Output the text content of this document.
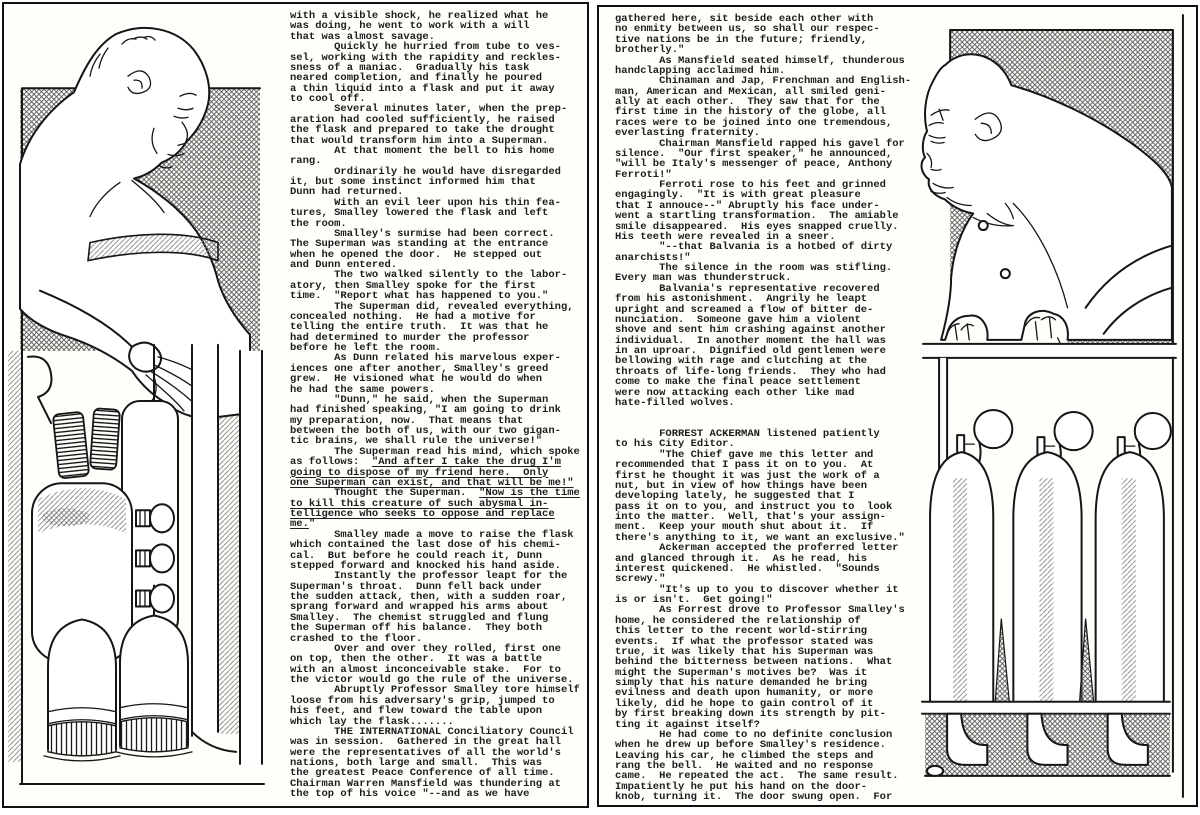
with a visible shock, he realized what he
was doing, he went to work with a will
that was almost savage.
Quickly he hurried from tube to ves-
sel, working with the rapidity and reckles-
sness of a maniac.  Gradually his task
neared completion, and finally he poured
a thin liquid into a flask and put it away
to cool off.
Several minutes later, when the prep-
aration had cooled sufficiently, he raised
the flask and prepared to take the drought
that would transform him into a Superman.
At that moment the bell to his home
rang.
Ordinarily he would have disregarded
it, but some instinct informed him that
Dunn had returned.
With an evil leer upon his thin fea-
tures, Smalley lowered the flask and left
the room.
Smalley's surmise had been correct.
The Superman was standing at the entrance
when he opened the door.  He stepped out
and Dunn entered.
The two walked silently to the labor-
atory, then Smalley spoke for the first
time.  "Report what has happened to you."
The Superman did, revealed everything,
concealed nothing.  He had a motive for
telling the entire truth.  It was that he
had determined to murder the professor
before he left the room.
As Dunn related his marvelous exper-
iences one after another, Smalley's greed
grew.  He visioned what he would do when
he had the same powers.
"Dunn," he said, when the Superman
had finished speaking, "I am going to drink
my preparation, now.  That means that
between the both of us, with our two gigan-
tic brains, we shall rule the universe!"
The Superman read his mind, which spoke
as follows:  "And after I take the drug I'm
going to dispose of my friend here.  Only
one Superman can exist, and that will be me!"
Thought the Superman.  "Now is the time
to kill this creature of such abysmal in-
telligence who seeks to oppose and replace
me."
Smalley made a move to raise the flask
which contained the last dose of his chemi-
cal.  But before he could reach it, Dunn
stepped forward and knocked his hand aside.
Instantly the professor leapt for the
Superman's throat.  Dunn fell back under
the sudden attack, then, with a sudden roar,
sprang forward and wrapped his arms about
Smalley.  The chemist struggled and flung
the Superman off his balance.  They both
crashed to the floor.
Over and over they rolled, first one
on top, then the other.  It was a battle
with an almost inconceivable stake.  For to
the victor would go the rule of the universe.
Abruptly Professor Smalley tore himself
loose from his adversary's grip, jumped to
his feet, and flew toward the table upon
which lay the flask.......
THE INTERNATIONAL Conciliatory Council
was in session.  Gathered in the great hall
were the representatives of all the world's
nations, both large and small.  This was
the greatest Peace Conference of all time.
Chairman Warren Mansfield was thundering at
the top of his voice "--and as we have
gathered here, sit beside each other with
no enmity between us, so shall our respec-
tive nations be in the future; friendly,
brotherly."
As Mansfield seated himself, thunderous
handclapping acclaimed him.
Chinaman and Jap, Frenchman and English-
man, American and Mexican, all smiled geni-
ally at each other.  They saw that for the
first time in the history of the globe, all
races were to be joined into one tremendous,
everlasting fraternity.
Chairman Mansfield rapped his gavel for
silence.  "Our first speaker," he announced,
"will be Italy's messenger of peace, Anthony
Ferroti!"
Ferroti rose to his feet and grinned
engagingly.  "It is with great pleasure
that I annouce--" Abruptly his face under-
went a startling transformation.  The amiable
smile disappeared.  His eyes snapped cruelly.
His teeth were revealed in a sneer.
"--that Balvania is a hotbed of dirty
anarchists!"
The silence in the room was stifling.
Every man was thunderstruck.
Balvania's representative recovered
from his astonishment.  Angrily he leapt
upright and screamed a flow of bitter de-
nunciation.  Someone gave him a violent
shove and sent him crashing against another
individual.  In another moment the hall was
in an uproar.  Dignified old gentlemen were
bellowing with rage and clutching at the
throats of life-long friends.  They who had
come to make the final peace settlement
were now attacking each other like mad
hate-filled wolves.

FORREST ACKERMAN listened patiently
to his City Editor.
"The Chief gave me this letter and
recommended that I pass it on to you.  At
first he thought it was just the work of a
nut, but in view of how things have been
developing lately, he suggested that I
pass it on to you, and instruct you to  look
into the matter.  Well, that's your assign-
ment.  Keep your mouth shut about it.  If
there's anything to it, we want an exclusive."
Ackerman accepted the proferred letter
and glanced through it.  As he read, his
interest quickened.  He whistled.  "Sounds
screwy."
"It's up to you to discover whether it
is or isn't.  Get going!"
As Forrest drove to Professor Smalley's
home, he considered the relationship of
this letter to the recent world-stirring
events.  If what the professor stated was
true, it was likely that his Superman was
behind the bitterness between nations.  What
might the Superman's motives be?  Was it
simply that his nature demanded he bring
evilness and death upon humanity, or more
likely, did he hope to gain control of it
by first breaking down its strength by pit-
ting it against itself?
He had come to no definite conclusion
when he drew up before Smalley's residence.
Leaving his car, he climbed the steps and
rang the bell.  He waited and no response
came.  He repeated the act.  The same result.
Impatiently he put his hand on the door-
knob, turning it.  The door swung open.  For
